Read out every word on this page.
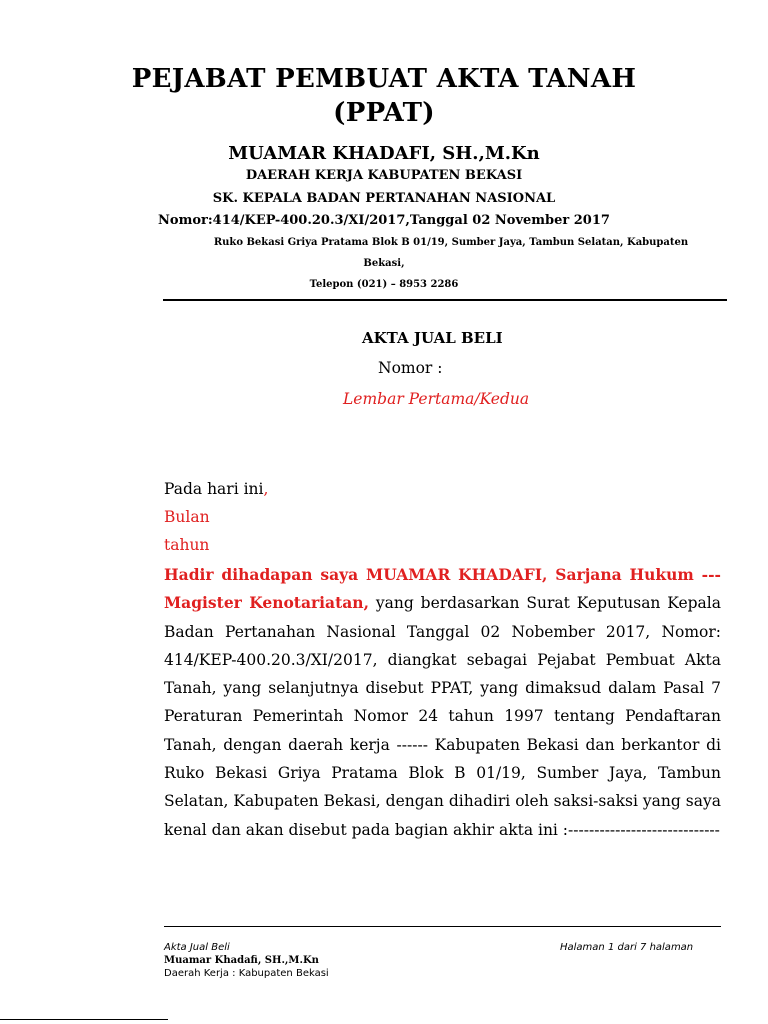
PEJABAT PEMBUAT AKTA TANAH
(PPAT)
MUAMAR KHADAFI, SH.,M.Kn
DAERAH KERJA KABUPATEN BEKASI
SK. KEPALA BADAN PERTANAHAN NASIONAL
Nomor:414/KEP-400.20.3/XI/2017,Tanggal 02 November 2017
Ruko Bekasi Griya Pratama Blok B 01/19, Sumber Jaya, Tambun Selatan, Kabupaten
Bekasi,
Telepon (021) – 8953 2286
AKTA JUAL BELI
Nomor :
Lembar Pertama/Kedua
Pada hari ini,
Bulan
tahun
Hadir dihadapan saya MUAMAR KHADAFI, Sarjana Hukum --- Magister Kenotariatan, yang berdasarkan Surat Keputusan Kepala Badan Pertanahan Nasional Tanggal 02 Nobember 2017, Nomor: 414/KEP-400.20.3/XI/2017, diangkat sebagai Pejabat Pembuat Akta Tanah, yang selanjutnya disebut PPAT, yang dimaksud dalam Pasal 7 Peraturan Pemerintah Nomor 24 tahun 1997 tentang Pendaftaran Tanah, dengan daerah kerja ------ Kabupaten Bekasi dan berkantor di Ruko Bekasi Griya Pratama Blok B 01/19, Sumber Jaya, Tambun Selatan, Kabupaten Bekasi, dengan dihadiri oleh saksi-saksi yang saya kenal dan akan disebut pada bagian akhir akta ini :-----------------------------
Akta Jual Beli
Muamar Khadafi, SH.,M.Kn
Daerah Kerja : Kabupaten Bekasi
Halaman 1 dari 7 halaman
